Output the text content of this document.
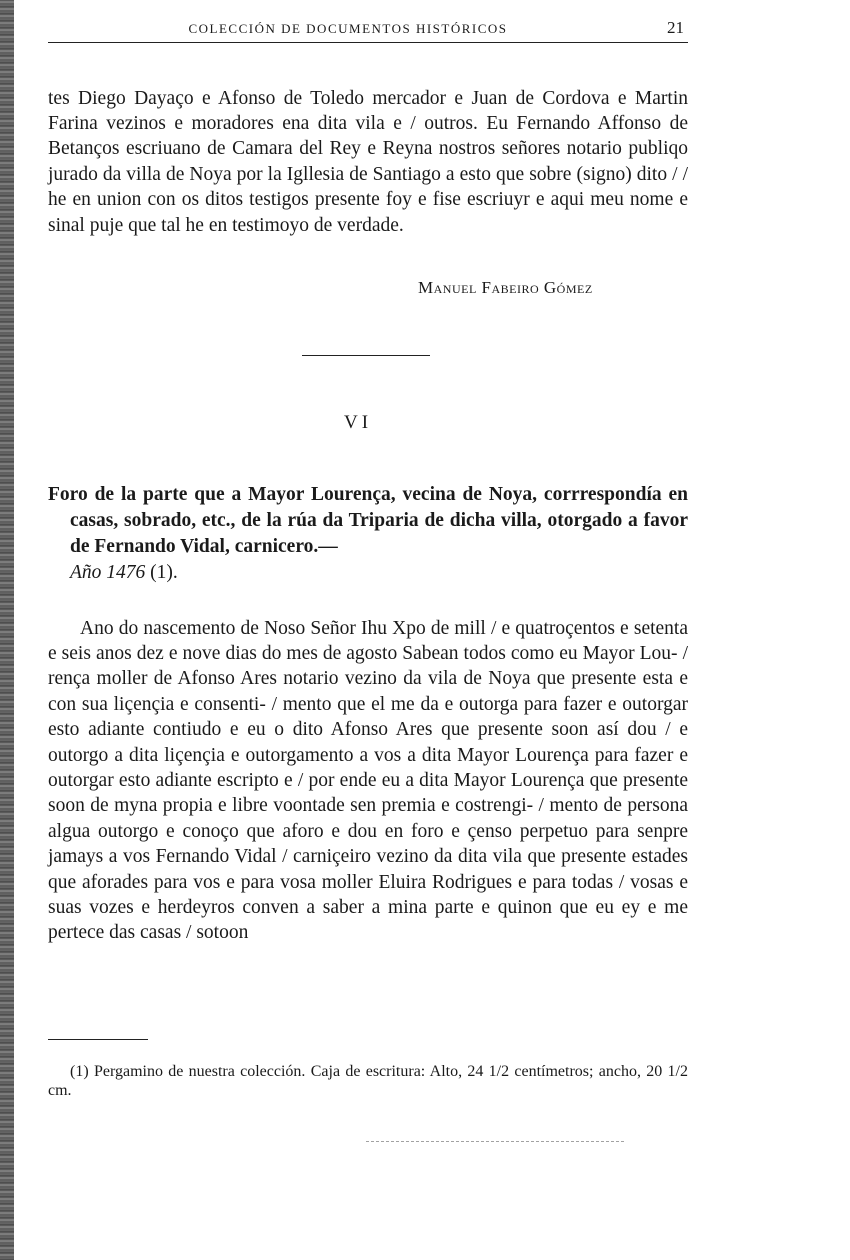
COLECCIÓN DE DOCUMENTOS HISTÓRICOS	21

tes Diego Dayaço e Afonso de Toledo mercador e Juan de Cordova e Martin Farina vezinos e moradores ena dita vila e / outros. Eu Fernando Affonso de Betanços escriuano de Camara del Rey e Reyna nostros señores notario publiqo jurado da villa de Noya por la Igllesia de Santiago a esto que sobre (signo) dito / / he en union con os ditos testigos presente foy e fise escriuyr e aqui meu nome e sinal puje que tal he en testimoyo de verdade.

Manuel Fabeiro Gómez
VI

Foro de la parte que a Mayor Lourença, vecina de Noya, corrrespondía en casas, sobrado, etc., de la rúa da Triparia de dicha villa, otorgado a favor de Fernando Vidal, carnicero.—
Año 1476 (1).

Ano do nascemento de Noso Señor Ihu Xpo de mill / e quatroçentos e setenta e seis anos dez e nove dias do mes de agosto Sabean todos como eu Mayor Lou- / rença moller de Afonso Ares notario vezino da vila de Noya que presente esta e con sua liçençia e consenti- / mento que el me da e outorga para fazer e outorgar esto adiante contiudo e eu o dito Afonso Ares que presente soon así dou / e outorgo a dita liçençia e outorgamento a vos a dita Mayor Lourença para fazer e outorgar esto adiante escripto e / por ende eu a dita Mayor Lourença que presente soon de myna propia e libre voontade sen premia e costrengi- / mento de persona algua outorgo e conoço que aforo e dou en foro e çenso perpetuo para senpre jamays a vos Fernando Vidal / carniçeiro vezino da dita vila que presente estades que aforades para vos e para vosa moller Eluira Rodrigues e para todas / vosas e suas vozes e herdeyros conven a saber a mina parte e quinon que eu ey e me pertece das casas / sotoon

(1) Pergamino de nuestra colección. Caja de escritura: Alto, 24 1/2 centímetros; ancho, 20 1/2 cm.
